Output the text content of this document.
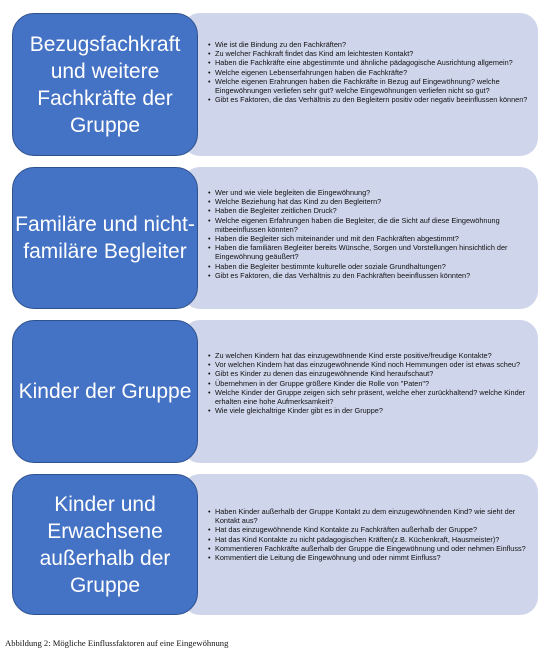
• Wie ist die Bindung zu den Fachkräften?
• Zu welcher Fachkraft findet das Kind am leichtesten Kontakt?
• Haben die Fachkräfte eine abgestimmte und ähnliche pädagogische Ausrichtung allgemein?
• Welche eigenen Lebenserfahrungen haben die Fachkräfte?
• Welche eigenen Erahrungen haben die Fachkräfte in Bezug auf Eingewöhnung? welche Eingewöhnungen verliefen sehr gut? welche Eingewöhnungen verliefen nicht so gut?
• Gibt es Faktoren, die das Verhältnis zu den Begleitern positiv oder negativ beeinflussen können?
Bezugsfachkraft und weitere Fachkräfte der Gruppe
• Wer und wie viele begleiten die Eingewöhnung?
• Welche Beziehung hat das Kind zu den Begleitern?
• Haben die Begleiter zeitlichen Druck?
• Welche eigenen Erfahrungen haben die Begleiter, die die Sicht auf diese Eingewöhnung mitbeeinflussen könnten?
• Haben die Begleiter sich miteinander und mit den Fachkräften abgestimmt?
• Haben die familiären Begleiter bereits Wünsche, Sorgen und Vorstellungen hinsichtlich der Eingewöhnung geäußert?
• Haben die Begleiter bestimmte kulturelle oder soziale Grundhaltungen?
• Gibt es Faktoren, die das Verhältnis zu den Fachkräften beeinflussen könnten?
Familäre und nicht-familäre Begleiter
• Zu welchen Kindern hat das einzugewöhnende Kind erste positive/freudige Kontakte?
• Vor welchen Kindern hat das einzugewöhnende Kind noch Hemmungen oder ist etwas scheu?
• Gibt es Kinder zu denen das einzugewöhnende Kind heraufschaut?
• Übernehmen in der Gruppe größere Kinder die Rolle von "Paten"?
• Welche Kinder der Gruppe zeigen sich sehr präsent, welche eher zurückhaltend? welche Kinder erhalten eine hohe Aufmerksamkeit?
• Wie viele gleichaltrige Kinder gibt es in der Gruppe?
Kinder der Gruppe
• Haben Kinder außerhalb der Gruppe Kontakt zu dem einzugewöhnenden Kind? wie sieht der Kontakt aus?
• Hat das einzugewöhnende Kind Kontakte zu Fachkräften außerhalb der Gruppe?
• Hat das Kind Kontakte zu nicht pädagogischen Kräften(z.B. Küchenkraft, Hausmeister)?
• Kommentieren Fachkräfte außerhalb der Gruppe die Eingewöhnung und oder nehmen Einfluss?
• Kommentiert die Leitung die Eingewöhnung und oder nimmt Einfluss?
Kinder und Erwachsene außerhalb der Gruppe
Abbildung 2: Mögliche Einflussfaktoren auf eine Eingewöhnung
